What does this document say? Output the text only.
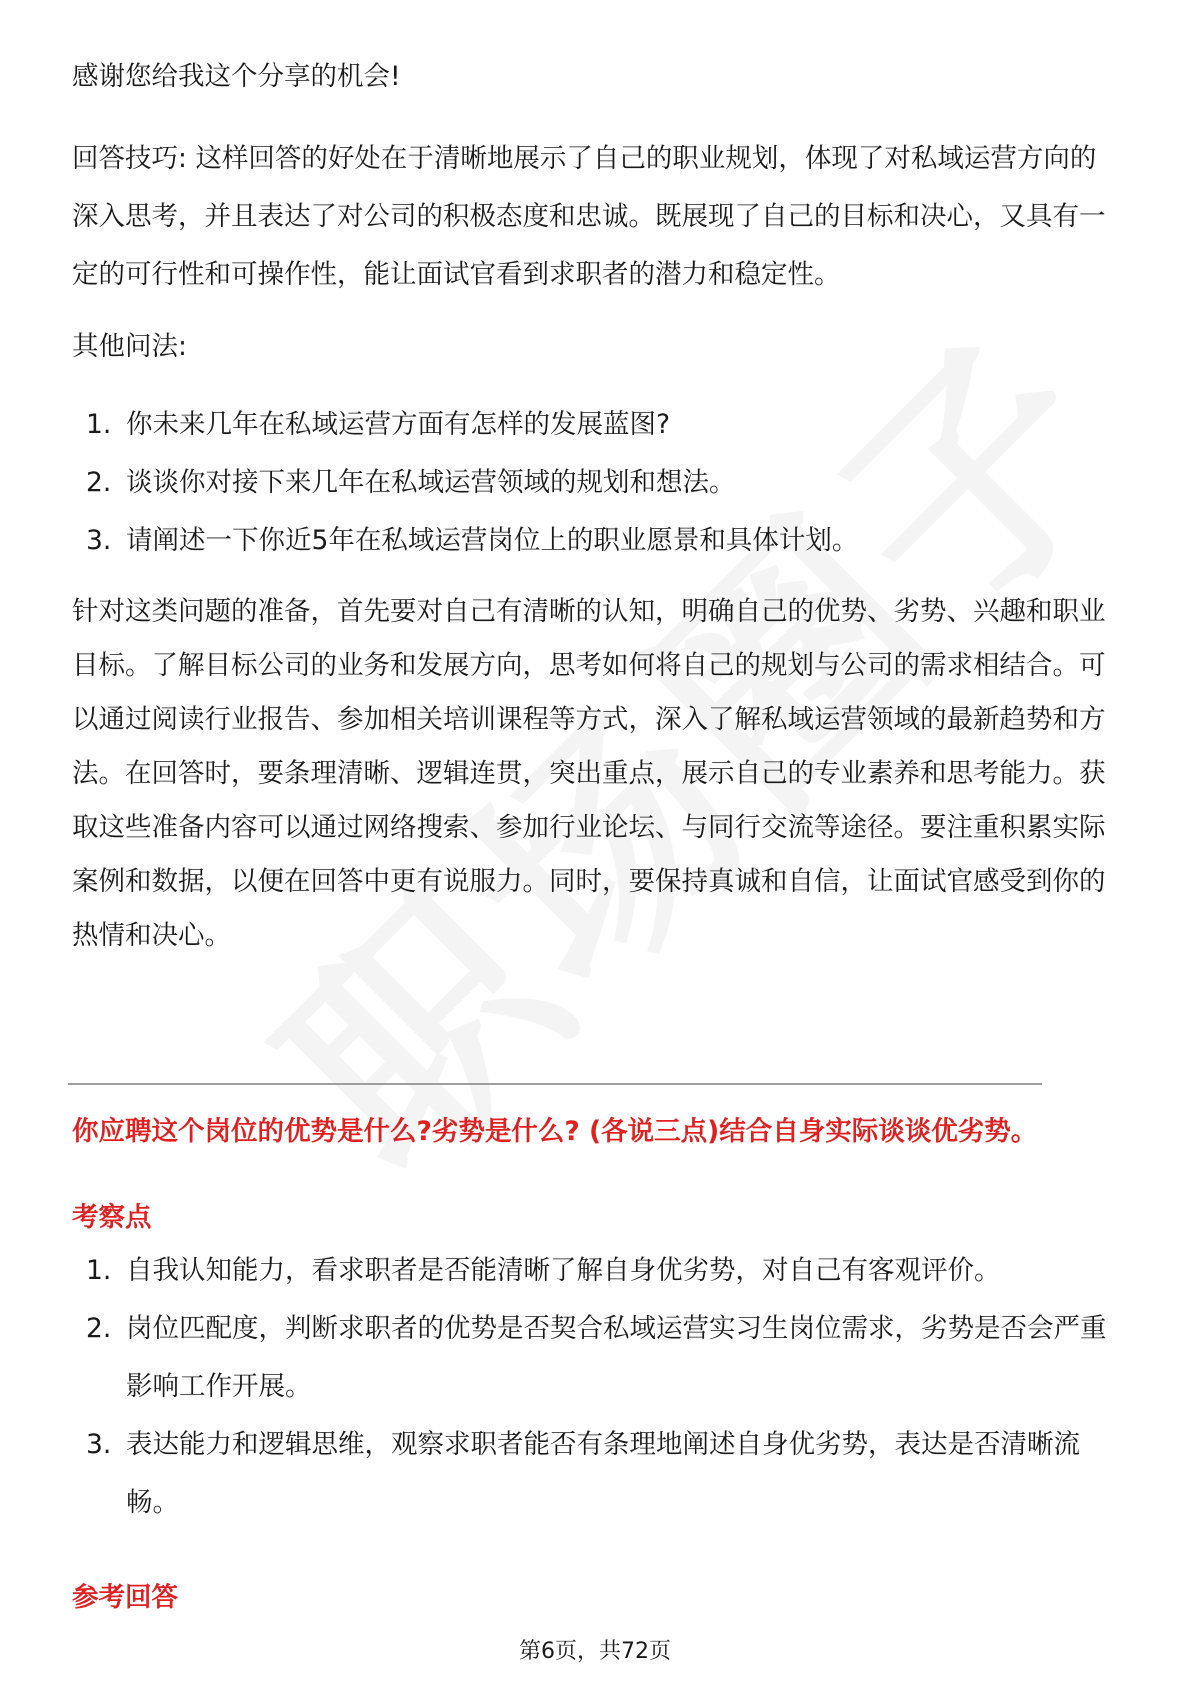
感谢您给我这个分享的机会!

回答技巧: 这样回答的好处在于清晰地展示了自己的职业规划，体现了对私域运营方向的深入思考，并且表达了对公司的积极态度和忠诚。既展现了自己的目标和决心，又具有一定的可行性和可操作性，能让面试官看到求职者的潜力和稳定性。

其他问法:

1. 你未来几年在私域运营方面有怎样的发展蓝图?
2. 谈谈你对接下来几年在私域运营领域的规划和想法。
3. 请阐述一下你近5年在私域运营岗位上的职业愿景和具体计划。

针对这类问题的准备，首先要对自己有清晰的认知，明确自己的优势、劣势、兴趣和职业目标。了解目标公司的业务和发展方向，思考如何将自己的规划与公司的需求相结合。可以通过阅读行业报告、参加相关培训课程等方式，深入了解私域运营领域的最新趋势和方法。在回答时，要条理清晰、逻辑连贯，突出重点，展示自己的专业素养和思考能力。获取这些准备内容可以通过网络搜索、参加行业论坛、与同行交流等途径。要注重积累实际案例和数据，以便在回答中更有说服力。同时，要保持真诚和自信，让面试官感受到你的热情和决心。

你应聘这个岗位的优势是什么?劣势是什么? (各说三点)结合自身实际谈谈优劣势。
考察点
1. 自我认知能力，看求职者是否能清晰了解自身优劣势，对自己有客观评价。
2. 岗位匹配度，判断求职者的优势是否契合私域运营实习生岗位需求，劣势是否会严重影响工作开展。
3. 表达能力和逻辑思维，观察求职者能否有条理地阐述自身优劣势，表达是否清晰流畅。
参考回答
第6页，共72页
